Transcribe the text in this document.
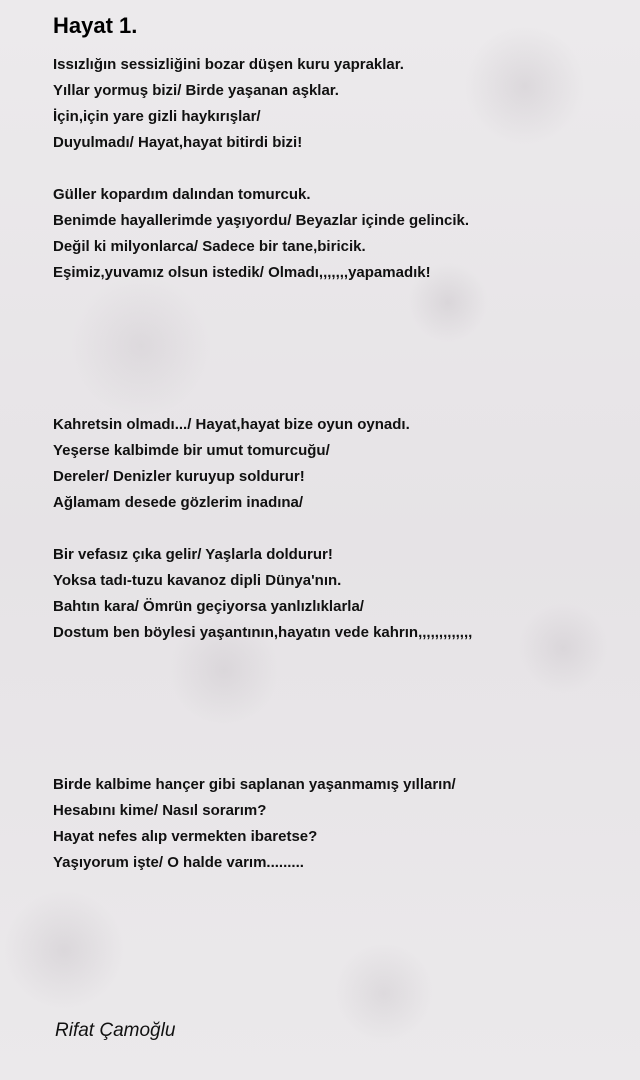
Hayat 1.

Issızlığın sessizliğini bozar düşen kuru yapraklar.
Yıllar yormuş bizi/ Birde yaşanan aşklar.
İçin,için yare gizli haykırışlar/
Duyulmadı/ Hayat,hayat bitirdi bizi!

Güller kopardım dalından tomurcuk.
Benimde hayallerimde yaşıyordu/ Beyazlar içinde gelincik.
Değil ki milyonlarca/ Sadece bir tane,biricik.
Eşimiz,yuvamız olsun istedik/ Olmadı,,,,,,,yapamadık!

Kahretsin olmadı.../ Hayat,hayat bize oyun oynadı.
Yeşerse kalbimde bir umut tomurcuğu/
Dereler/ Denizler kuruyup soldurur!
Ağlamam desede gözlerim inadına/

Bir vefasız çıka gelir/ Yaşlarla doldurur!
Yoksa tadı-tuzu kavanoz dipli Dünya'nın.
Bahtın kara/ Ömrün geçiyorsa yanlızlıklarla/
Dostum ben böylesi yaşantının,hayatın vede kahrın,,,,,,,,,,,,,

Birde kalbime hançer gibi saplanan yaşanmamış yılların/
Hesabını kime/ Nasıl sorarım?
Hayat nefes alıp vermekten ibaretse?
Yaşıyorum işte/ O halde varım.........

Rifat Çamoğlu
